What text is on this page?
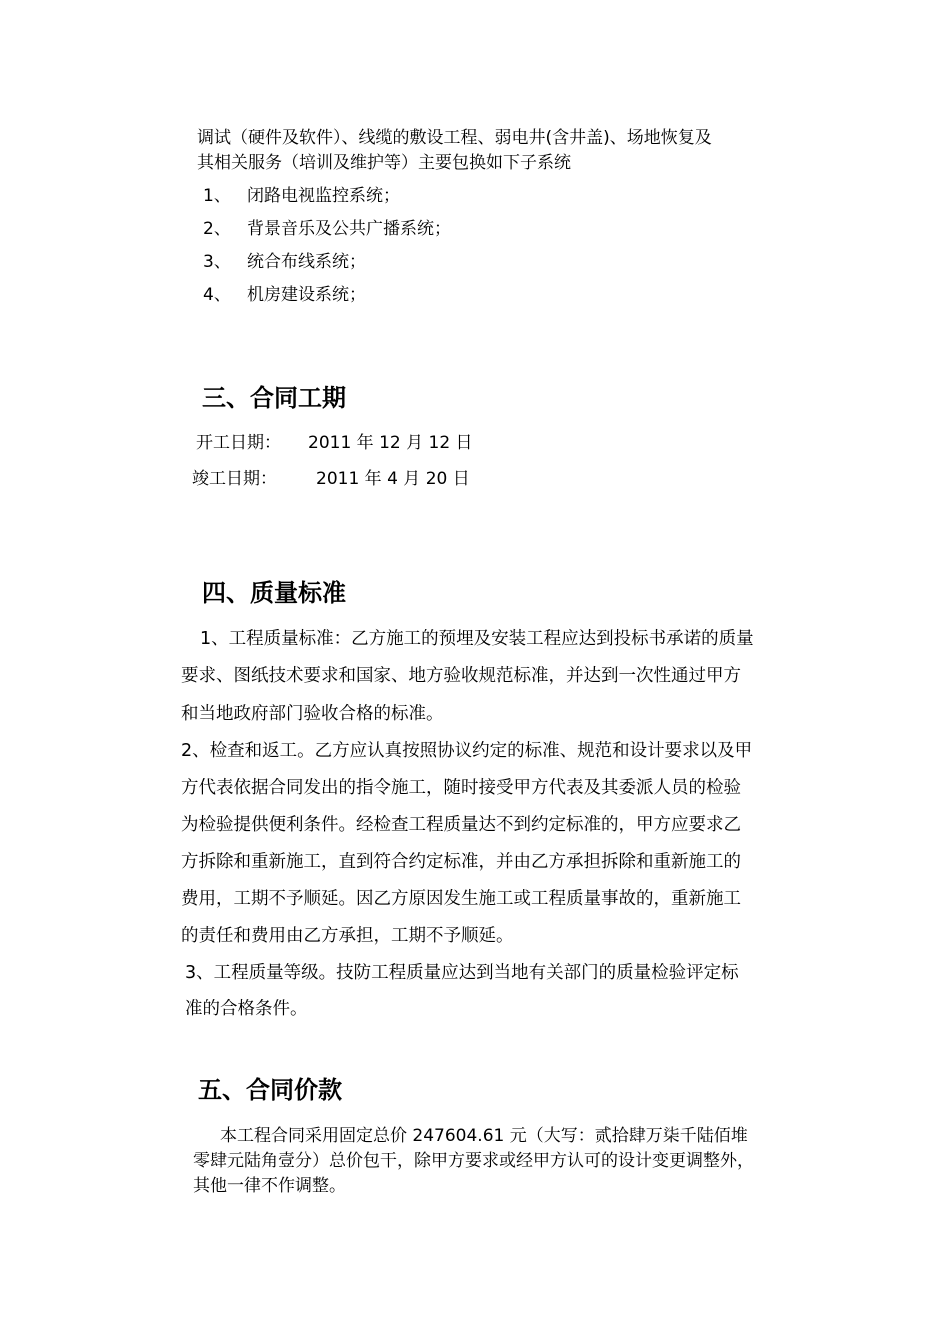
调试（硬件及软件）、线缆的敷设工程、弱电井(含井盖)、场地恢复及
其相关服务（培训及维护等）主要包换如下子系统
1、 闭路电视监控系统；
2、 背景音乐及公共广播系统；
3、 统合布线系统；
4、 机房建设系统；
三、合同工期
开工日期： 2011 年 12 月 12 日
竣工日期： 2011 年 4 月 20 日
四、质量标准
1、工程质量标准：乙方施工的预埋及安装工程应达到投标书承诺的质量
要求、图纸技术要求和国家、地方验收规范标准，并达到一次性通过甲方
和当地政府部门验收合格的标准。
2、检查和返工。乙方应认真按照协议约定的标准、规范和设计要求以及甲
方代表依据合同发出的指令施工，随时接受甲方代表及其委派人员的检验
为检验提供便利条件。经检查工程质量达不到约定标准的，甲方应要求乙
方拆除和重新施工，直到符合约定标准，并由乙方承担拆除和重新施工的
费用，工期不予顺延。因乙方原因发生施工或工程质量事故的，重新施工
的责任和费用由乙方承担，工期不予顺延。
3、工程质量等级。技防工程质量应达到当地有关部门的质量检验评定标
准的合格条件。
五、合同价款
本工程合同采用固定总价 247604.61 元（大写：贰拾肆万柒千陆佰堆
零肆元陆角壹分）总价包干，除甲方要求或经甲方认可的设计变更调整外，
其他一律不作调整。
